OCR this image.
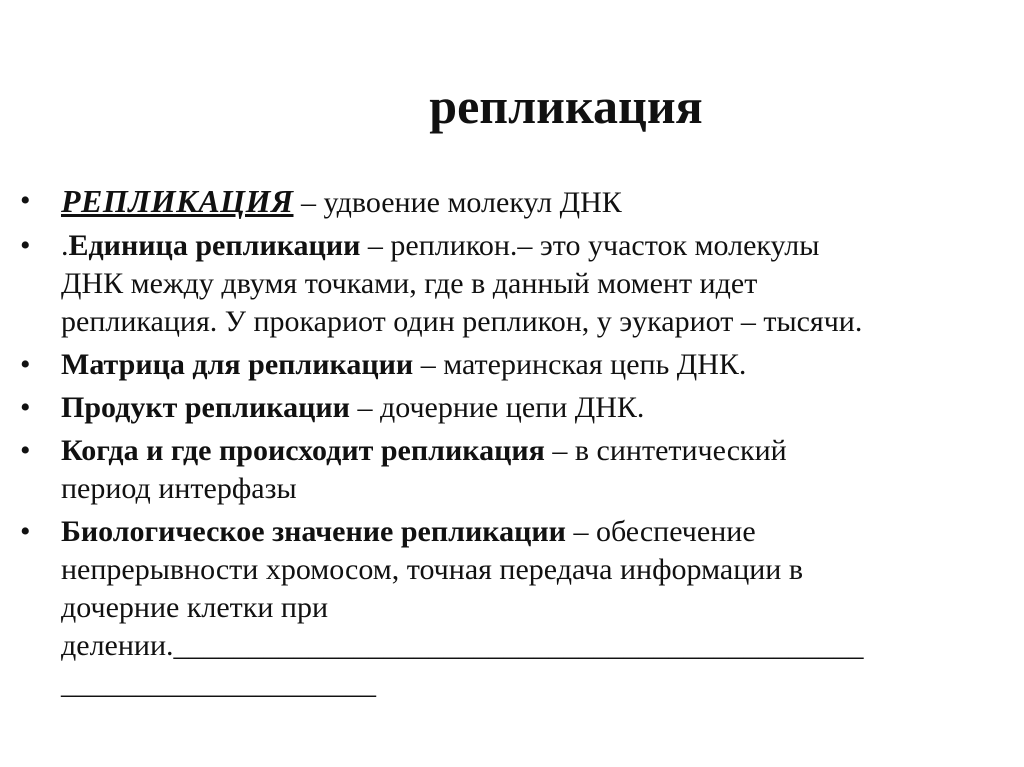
репликация
• РЕПЛИКАЦИЯ – удвоение молекул ДНК
•	.Единица репликации – репликон.– это участок молекулы
ДНК между двумя точками, где в данный момент идет
репликация. У прокариот один репликон, у эукариот – тысячи.
•	Матрица для репликации – материнская цепь ДНК.
•	Продукт репликации – дочерние цепи ДНК.
•	Когда и где происходит репликация – в синтетический
период интерфазы
•	Биологическое значение репликации – обеспечение
непрерывности хромосом, точная передача информации в
дочерние клетки при
делении.______________________________________________
_____________________
